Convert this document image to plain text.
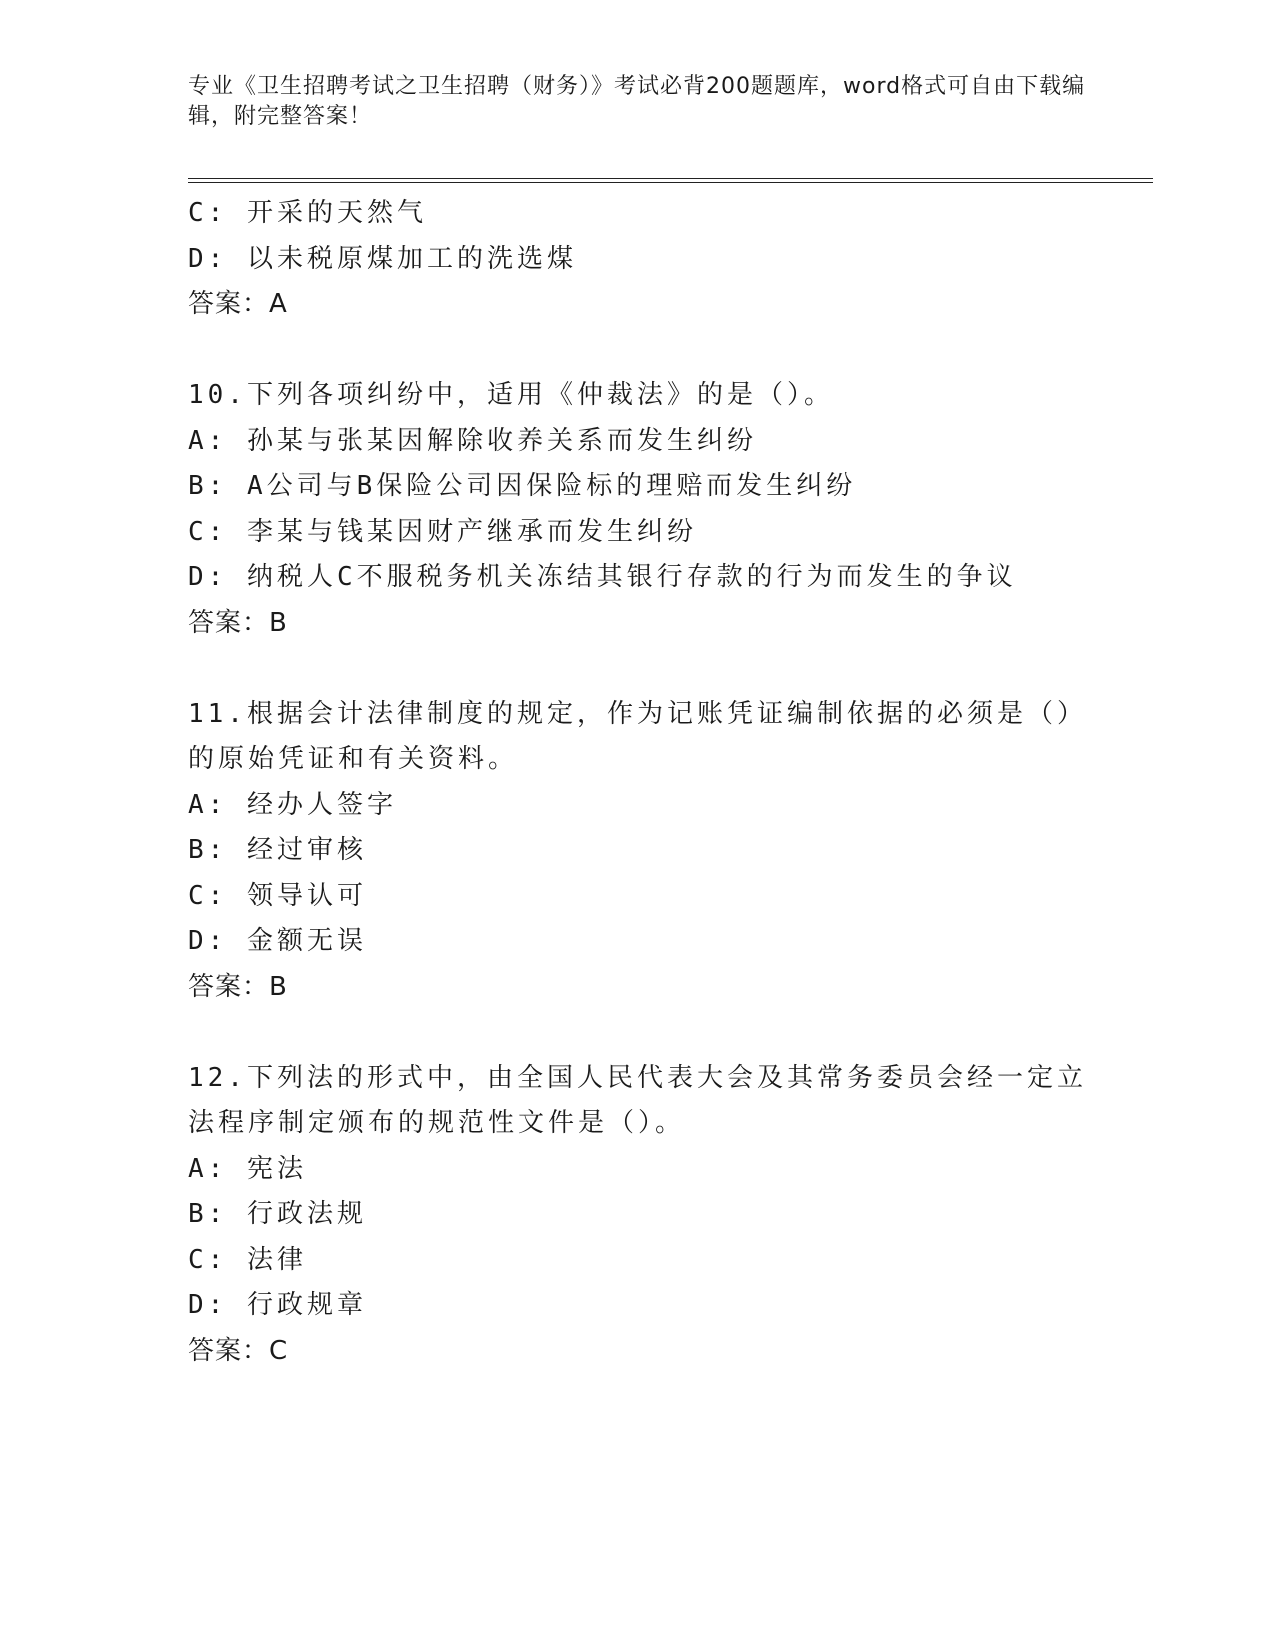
专业《卫生招聘考试之卫生招聘（财务）》考试必背200题题库，word格式可自由下载编辑，附完整答案！
C: 开采的天然气
D: 以未税原煤加工的洗选煤
答案：A
10.下列各项纠纷中，适用《仲裁法》的是（）。
A: 孙某与张某因解除收养关系而发生纠纷
B: A公司与B保险公司因保险标的理赔而发生纠纷
C: 李某与钱某因财产继承而发生纠纷
D: 纳税人C不服税务机关冻结其银行存款的行为而发生的争议
答案：B
11.根据会计法律制度的规定，作为记账凭证编制依据的必须是（）的原始凭证和有关资料。
A: 经办人签字
B: 经过审核
C: 领导认可
D: 金额无误
答案：B
12.下列法的形式中，由全国人民代表大会及其常务委员会经一定立法程序制定颁布的规范性文件是（）。
A: 宪法
B: 行政法规
C: 法律
D: 行政规章
答案：C
